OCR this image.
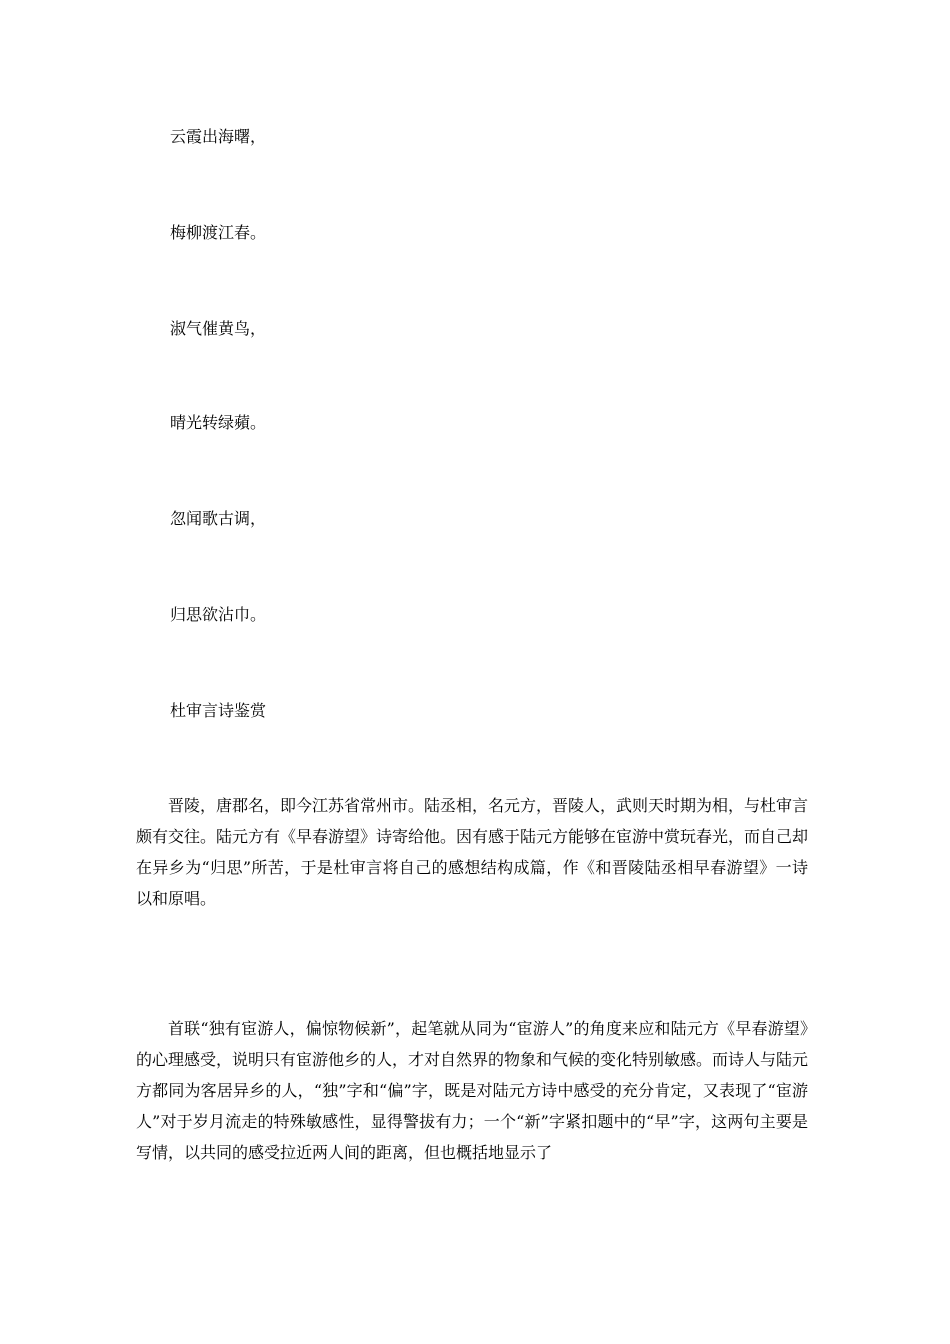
云霞出海曙，
梅柳渡江春。
淑气催黄鸟，
晴光转绿蘋。
忽闻歌古调，
归思欲沾巾。
杜审言诗鉴赏

晋陵，唐郡名，即今江苏省常州市。陆丞相，名元方，晋陵人，武则天时期为相，与杜审言颇有交往。陆元方有《早春游望》诗寄给他。因有感于陆元方能够在宦游中赏玩春光，而自己却在异乡为“归思”所苦，于是杜审言将自己的感想结构成篇，作《和晋陵陆丞相早春游望》一诗以和原唱。

首联“独有宦游人，偏惊物候新”，起笔就从同为“宦游人”的角度来应和陆元方《早春游望》的心理感受，说明只有宦游他乡的人，才对自然界的物象和气候的变化特别敏感。而诗人与陆元方都同为客居异乡的人，“独”字和“偏”字，既是对陆元方诗中感受的充分肯定，又表现了“宦游人”对于岁月流走的特殊敏感性，显得警拔有力；一个“新”字紧扣题中的“早”字，这两句主要是写情，以共同的感受拉近两人间的距离，但也概括地显示了
